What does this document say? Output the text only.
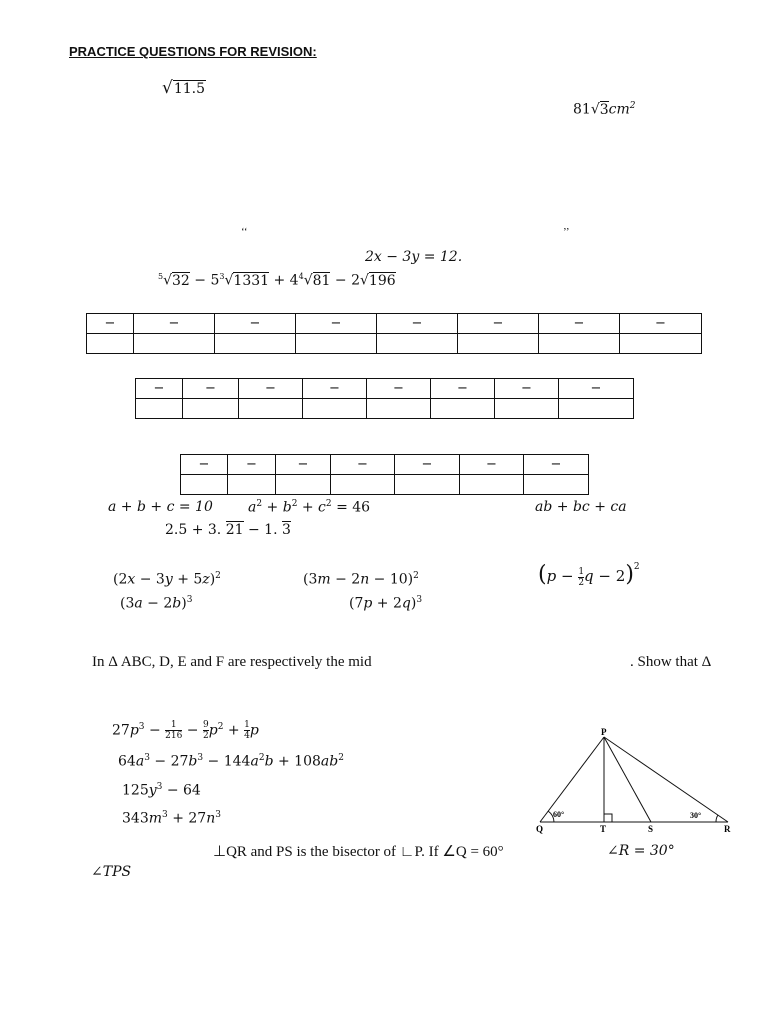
PRACTICE QUESTIONS FOR REVISION:
√11.5
$81√3cm^2$
‘‘	’’
2x − 3y = 12.
$^5√32 - 5^3√1331 + 4^4√81 - 2√196$
−	−	−	−	−	−	−	−

−	−	−	−	−	−	−	−

−	−	−	−	−	−	−

a + b + c = 10	$a^2 + b^2 + c^2 = 46$	ab + bc + ca
2.5 + 3. 21 − 1. 3
$(2x - 3y + 5z)^2$	$(3m - 2n - 10)^2$	($p - \frac{1}{2}$ $q - 2)^2$
$(3a - 2b)^3$	$(7p + 2q)^3$
In Δ ABC, D, E and F are respectively the mid	. Show that Δ
$27p^3 - \frac{1}{216} - \frac{9}{2} p^2 + \frac{1}{4}$ p
$64a^3 - 27b^3 - 144a^2b + 108ab^2$
$125y^3 - 64$
$343m^3 + 27n^3$
P
Q	T	S	R
60°	30°
⊥QR and PS is the bisector of ∟P. If ∠Q = 60°	∠R = 30°
∠TPS
